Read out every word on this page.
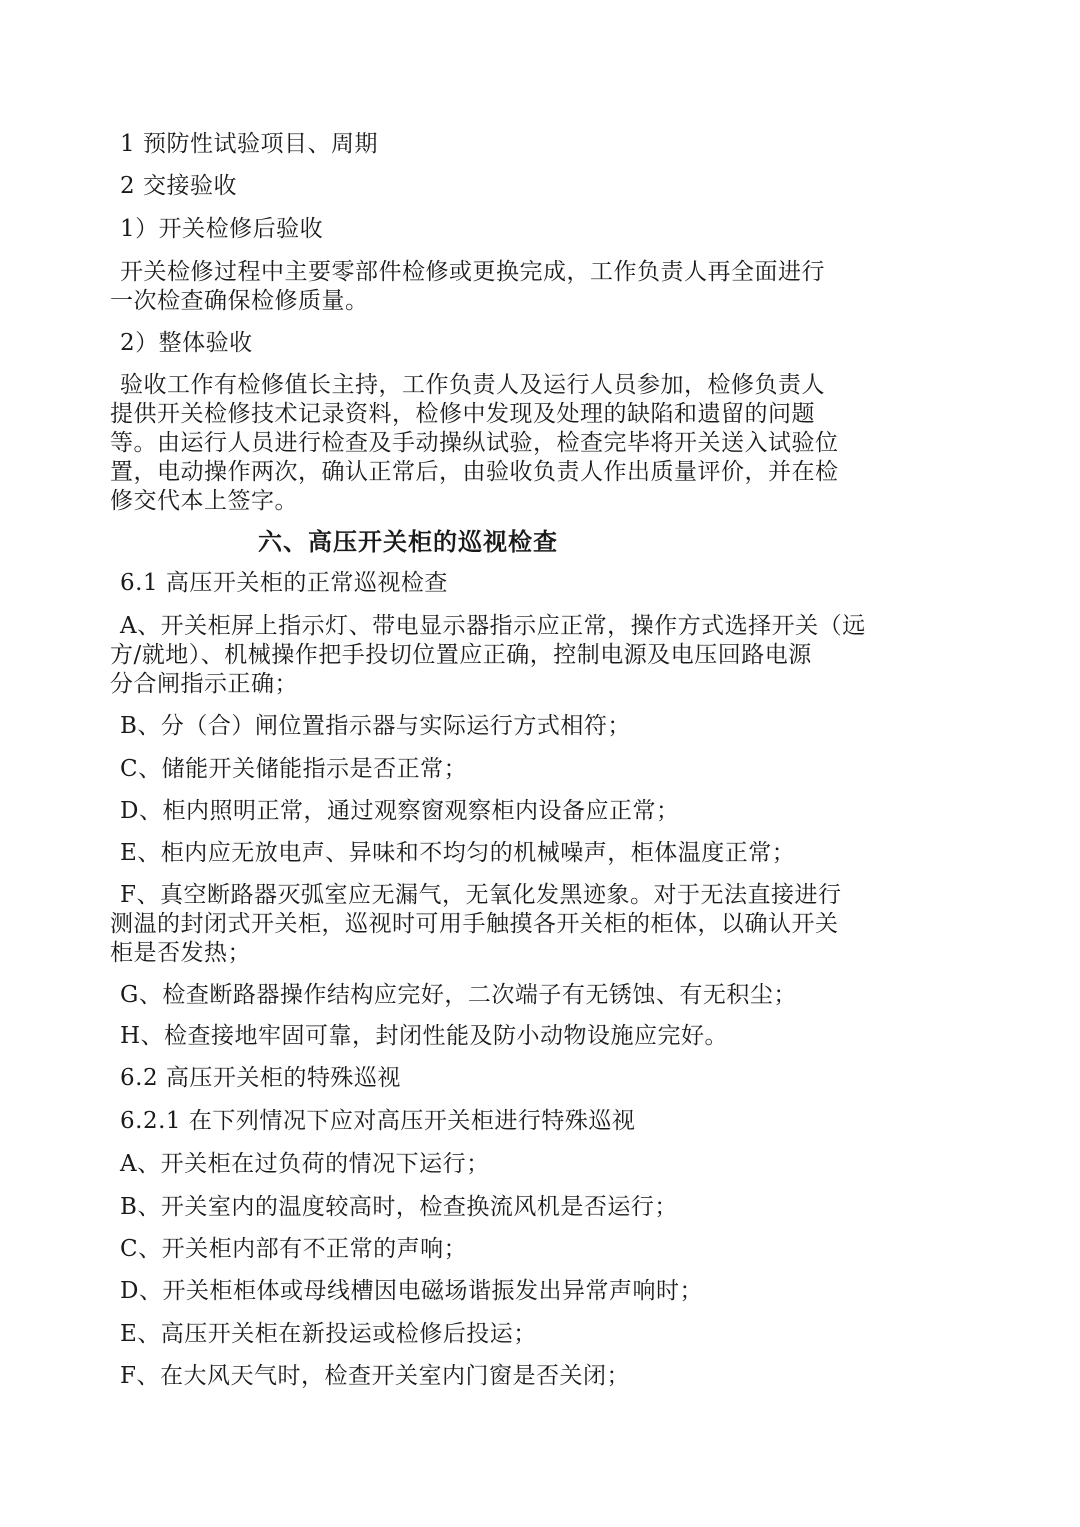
1 预防性试验项目、周期
2 交接验收
1）开关检修后验收
开关检修过程中主要零部件检修或更换完成，工作负责人再全面进行
一次检查确保检修质量。
2）整体验收
验收工作有检修值长主持，工作负责人及运行人员参加，检修负责人
提供开关检修技术记录资料，检修中发现及处理的缺陷和遗留的问题
等。由运行人员进行检查及手动操纵试验，检查完毕将开关送入试验位
置，电动操作两次，确认正常后，由验收负责人作出质量评价，并在检
修交代本上签字。
六、高压开关柜的巡视检查
6.1 高压开关柜的正常巡视检查
A、开关柜屏上指示灯、带电显示器指示应正常，操作方式选择开关（远
方/就地）、机械操作把手投切位置应正确，控制电源及电压回路电源
分合闸指示正确；
B、分（合）闸位置指示器与实际运行方式相符；
C、储能开关储能指示是否正常；
D、柜内照明正常，通过观察窗观察柜内设备应正常；
E、柜内应无放电声、异味和不均匀的机械噪声，柜体温度正常；
F、真空断路器灭弧室应无漏气，无氧化发黑迹象。对于无法直接进行
测温的封闭式开关柜，巡视时可用手触摸各开关柜的柜体，以确认开关
柜是否发热；
G、检查断路器操作结构应完好，二次端子有无锈蚀、有无积尘；
H、检查接地牢固可靠，封闭性能及防小动物设施应完好。
6.2 高压开关柜的特殊巡视
6.2.1 在下列情况下应对高压开关柜进行特殊巡视
A、开关柜在过负荷的情况下运行；
B、开关室内的温度较高时，检查换流风机是否运行；
C、开关柜内部有不正常的声响；
D、开关柜柜体或母线槽因电磁场谐振发出异常声响时；
E、高压开关柜在新投运或检修后投运；
F、在大风天气时，检查开关室内门窗是否关闭；
